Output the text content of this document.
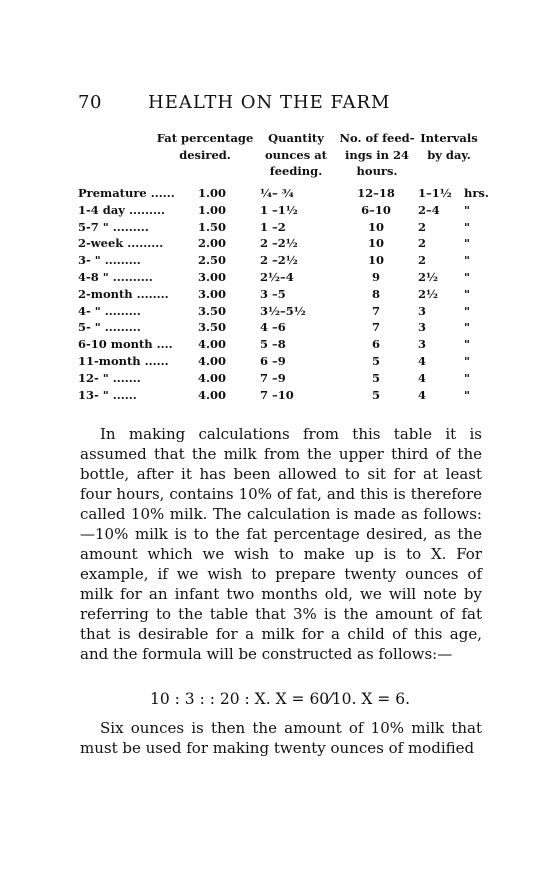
70	HEALTH ON THE FARM
Fat percentage
desired.
Quantity
ounces at
feeding.
No. of feed-
ings in 24
hours.
Intervals
by day.
Premature ...... 1.00	¼– ¾	12–18	1–1½ hrs.
1-4 day .........	1.00	1 –1½	6–10	2–4 "
5-7 " .........	1.50	1 –2	10	2	"
2-week .........	2.00	2 –2½	10	2	"
3- " .........	2.50	2 –2½	10	2	"
4-8 " ..........	3.00	2½–4	9	2½ "
2-month ........	3.00	3 –5	8	2½ "
4- " .........	3.50	3½–5½	7	3	"
5- " .........	3.50	4 –6	7	3	"
6-10 month .... 4.00	5 –8	6	3	"
11-month ......	4.00	6 –9	5	4	"
12- " .......	4.00	7 –9	5	4	"
13- " ......	4.00	7 –10	5	4	"

In making calculations from this table it is assumed that the milk from the upper third of the bottle, after it has been allowed to sit for at least four hours, contains 10% of fat, and this is therefore called 10% milk. The calculation is made as follows:—10% milk is to the fat percentage desired, as the amount which we wish to make up is to X. For example, if we wish to prepare twenty ounces of milk for an infant two months old, we will note by referring to the table that 3% is the amount of fat that is desirable for a milk for a child of this age, and the formula will be constructed as follows:—

10 : 3 : : 20 : X. X = 60⁄10. X = 6.

Six ounces is then the amount of 10% milk that must be used for making twenty ounces of modified
